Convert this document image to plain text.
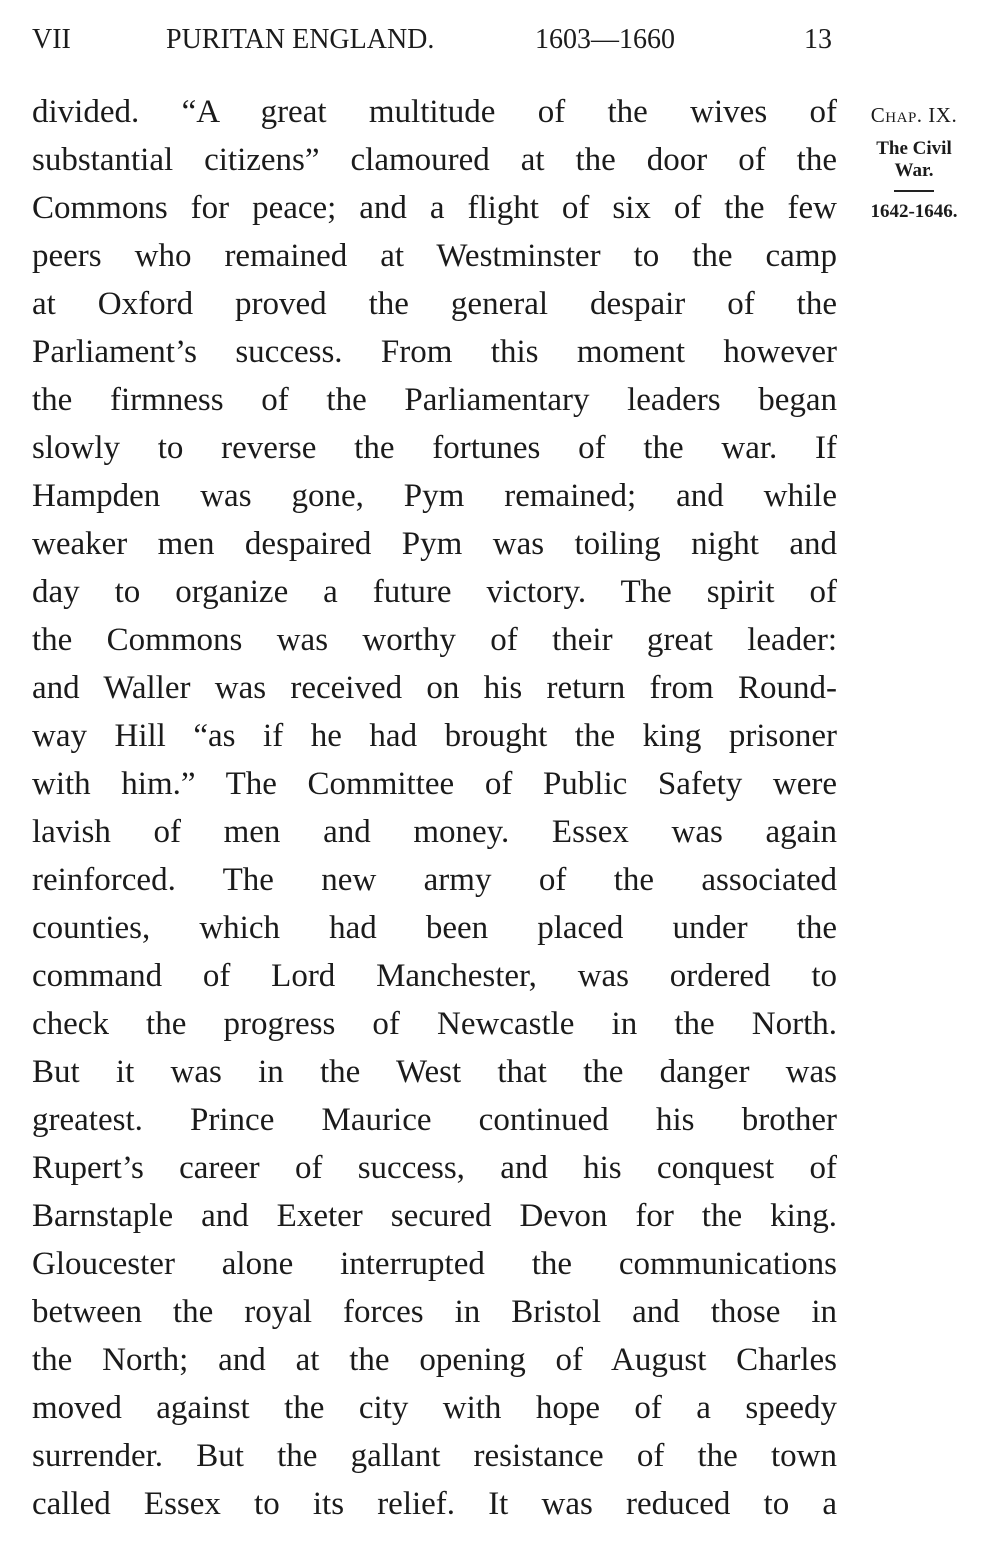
VII	PURITAN ENGLAND.	1603—1660	13
divided. “A great multitude of the wives of
substantial citizens” clamoured at the door of the
Commons for peace; and a flight of six of the few
peers who remained at Westminster to the camp
at Oxford proved the general despair of the
Parliament’s success. From this moment however
the firmness of the Parliamentary leaders began
slowly to reverse the fortunes of the war. If
Hampden was gone, Pym remained; and while
weaker men despaired Pym was toiling night and
day to organize a future victory. The spirit of
the Commons was worthy of their great leader:
and Waller was received on his return from Round-
way Hill “as if he had brought the king prisoner
with him.” The Committee of Public Safety were
lavish of men and money. Essex was again
reinforced. The new army of the associated
counties, which had been placed under the
command of Lord Manchester, was ordered to
check the progress of Newcastle in the North.
But it was in the West that the danger was
greatest. Prince Maurice continued his brother
Rupert’s career of success, and his conquest of
Barnstaple and Exeter secured Devon for the king.
Gloucester alone interrupted the communications
between the royal forces in Bristol and those in
the North; and at the opening of August Charles
moved against the city with hope of a speedy
surrender. But the gallant resistance of the town
called Essex to its relief. It was reduced to a
Chap. IX.
The Civil War.
1642-1646.
